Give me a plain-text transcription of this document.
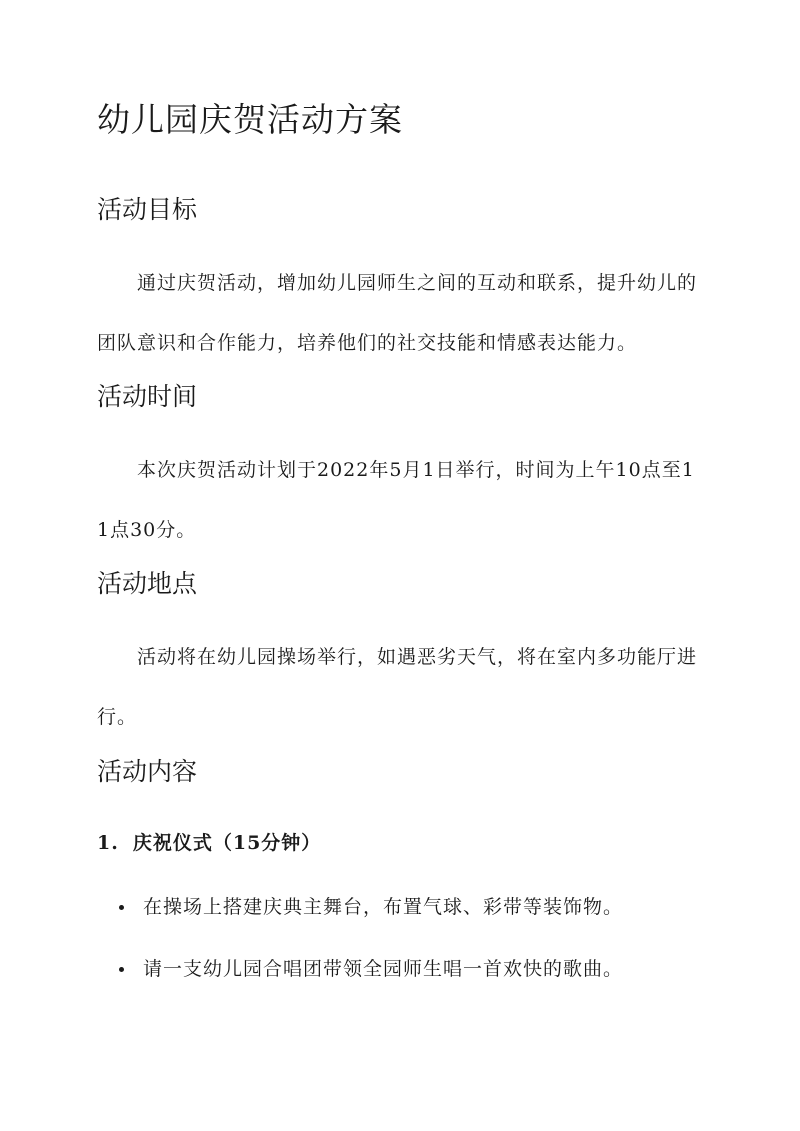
幼儿园庆贺活动方案
活动目标

通过庆贺活动，增加幼儿园师生之间的互动和联系，提升幼儿的团队意识和合作能力，培养他们的社交技能和情感表达能力。

活动时间

本次庆贺活动计划于2022年5月1日举行，时间为上午10点至11点30分。

活动地点

活动将在幼儿园操场举行，如遇恶劣天气，将在室内多功能厅进行。

活动内容
1. 庆祝仪式（15分钟）
在操场上搭建庆典主舞台，布置气球、彩带等装饰物。
请一支幼儿园合唱团带领全园师生唱一首欢快的歌曲。
